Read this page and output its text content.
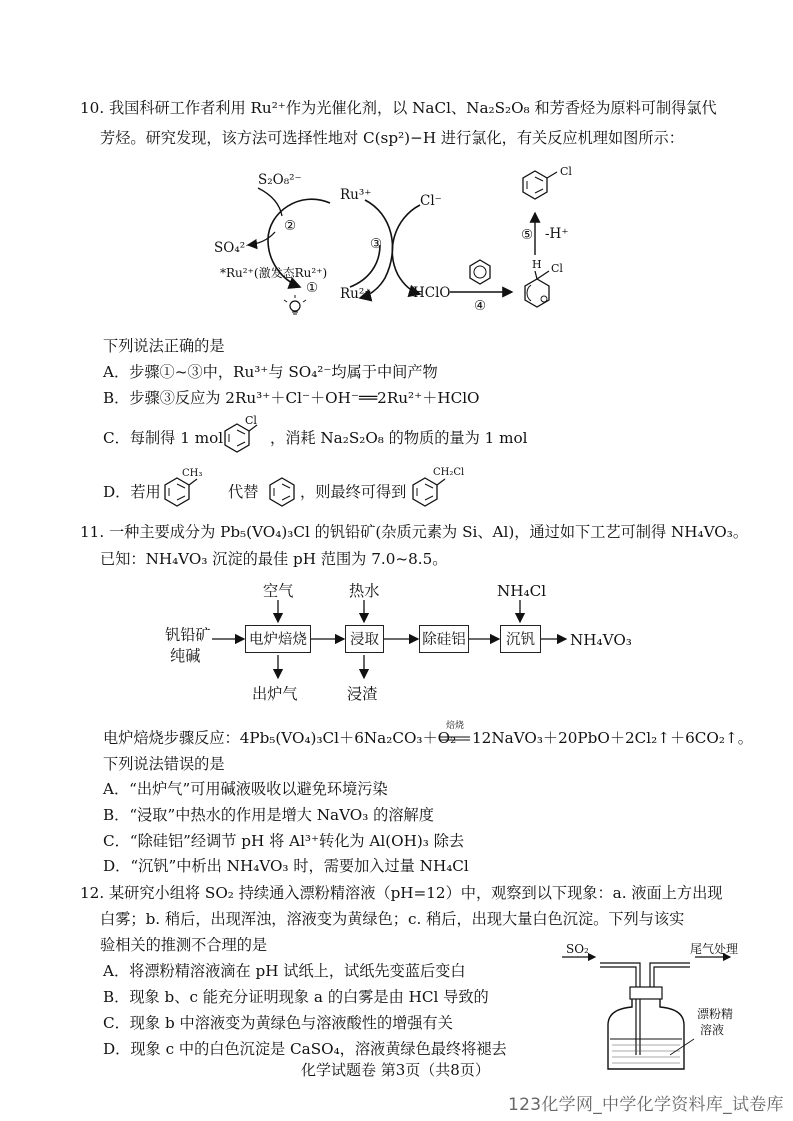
10. 我国科研工作者利用 Ru²⁺作为光催化剂，以 NaCl、Na₂S₂O₈ 和芳香烃为原料可制得氯代
芳烃。研究发现，该方法可选择性地对 C(sp²)−H 进行氯化，有关反应机理如图所示：
S₂O₈²⁻
Ru³⁺	Cl⁻
②
③
SO₄²⁻
*Ru²⁺(激发态Ru²⁺)
① Ru²⁺	HClO
④
⑤ -H⁺
Cl
H Cl
下列说法正确的是
A．步骤①~③中，Ru³⁺与 SO₄²⁻均属于中间产物
B．步骤③反应为 2Ru³⁺＋Cl⁻＋OH⁻══2Ru²⁺＋HClO
C．每制得 1 mol
Cl
，消耗 Na₂S₂O₈ 的物质的量为 1 mol
D．若用
CH₃
代替	，则最终可得到
CH₂Cl
11. 一种主要成分为 Pb₅(VO₄)₃Cl 的钒铅矿(杂质元素为 Si、Al)，通过如下工艺可制得 NH₄VO₃。
已知：NH₄VO₃ 沉淀的最佳 pH 范围为 7.0~8.5。
空气	热水	NH₄Cl
钒铅矿
纯碱
电炉焙烧	浸取	除硅铝	沉钒	NH₄VO₃
出炉气	浸渣
电炉焙烧步骤反应：4Pb₅(VO₄)₃Cl＋6Na₂CO₃＋O₂
焙烧
12NaVO₃＋20PbO＋2Cl₂↑＋6CO₂↑。
下列说法错误的是
A．“出炉气”可用碱液吸收以避免环境污染
B．“浸取”中热水的作用是增大 NaVO₃ 的溶解度
C．“除硅铝”经调节 pH 将 Al³⁺转化为 Al(OH)₃ 除去
D．“沉钒”中析出 NH₄VO₃ 时，需要加入过量 NH₄Cl
12. 某研究小组将 SO₂ 持续通入漂粉精溶液（pH=12）中，观察到以下现象：a. 液面上方出现
白雾；b. 稍后，出现浑浊，溶液变为黄绿色；c. 稍后，出现大量白色沉淀。下列与该实
验相关的推测不合理的是
A．将漂粉精溶液滴在 pH 试纸上，试纸先变蓝后变白
B．现象 b、c 能充分证明现象 a 的白雾是由 HCl 导致的
C．现象 b 中溶液变为黄绿色与溶液酸性的增强有关
D．现象 c 中的白色沉淀是 CaSO₄，溶液黄绿色最终将褪去
SO₂	尾气处理
漂粉精
溶液
化学试题卷 第3页（共8页）
123化学网_中学化学资料库_试卷库
